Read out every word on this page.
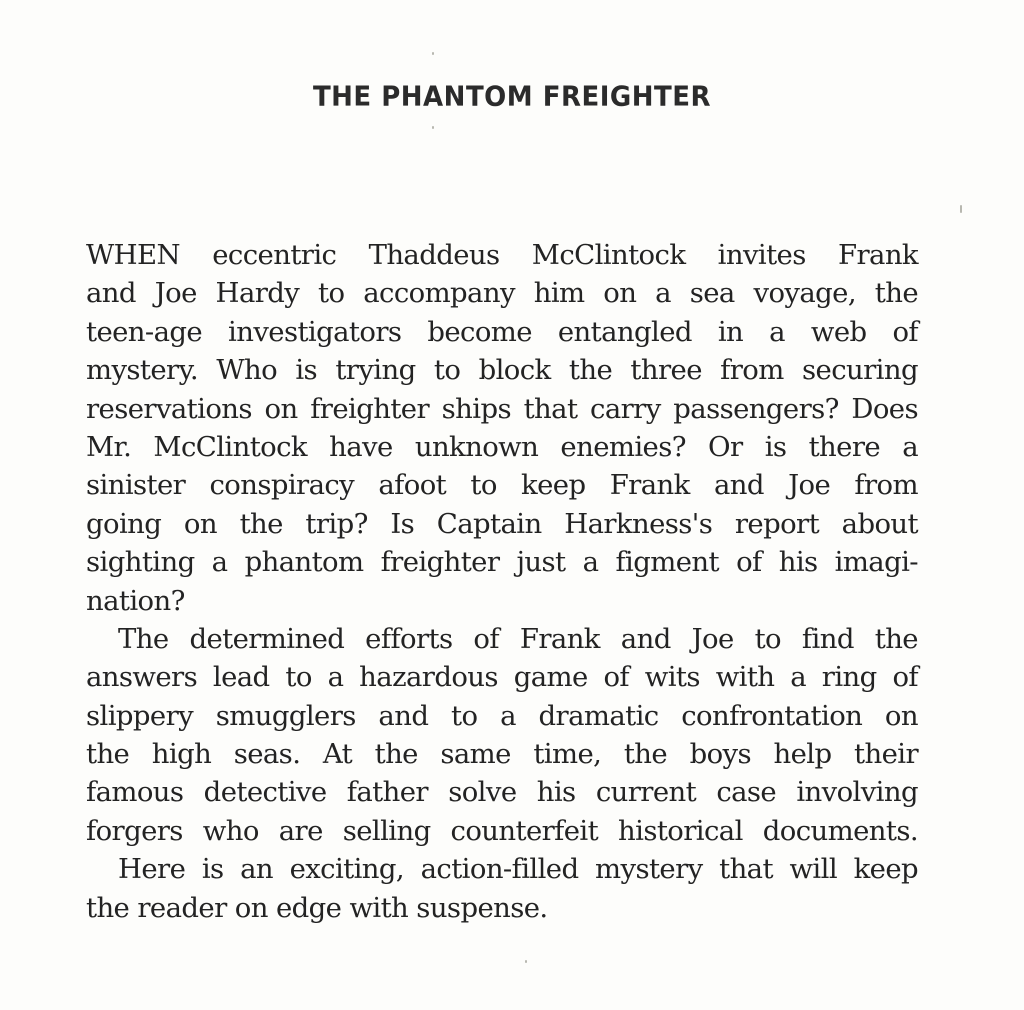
THE PHANTOM FREIGHTER
WHEN eccentric Thaddeus McClintock invites Frank
and Joe Hardy to accompany him on a sea voyage, the
teen-age investigators become entangled in a web of
mystery. Who is trying to block the three from securing
reservations on freighter ships that carry passengers? Does
Mr. McClintock have unknown enemies? Or is there a
sinister conspiracy afoot to keep Frank and Joe from
going on the trip? Is Captain Harkness's report about
sighting a phantom freighter just a figment of his imagi-
nation?
The determined efforts of Frank and Joe to find the
answers lead to a hazardous game of wits with a ring of
slippery smugglers and to a dramatic confrontation on
the high seas. At the same time, the boys help their
famous detective father solve his current case involving
forgers who are selling counterfeit historical documents.
Here is an exciting, action-filled mystery that will keep
the reader on edge with suspense.
